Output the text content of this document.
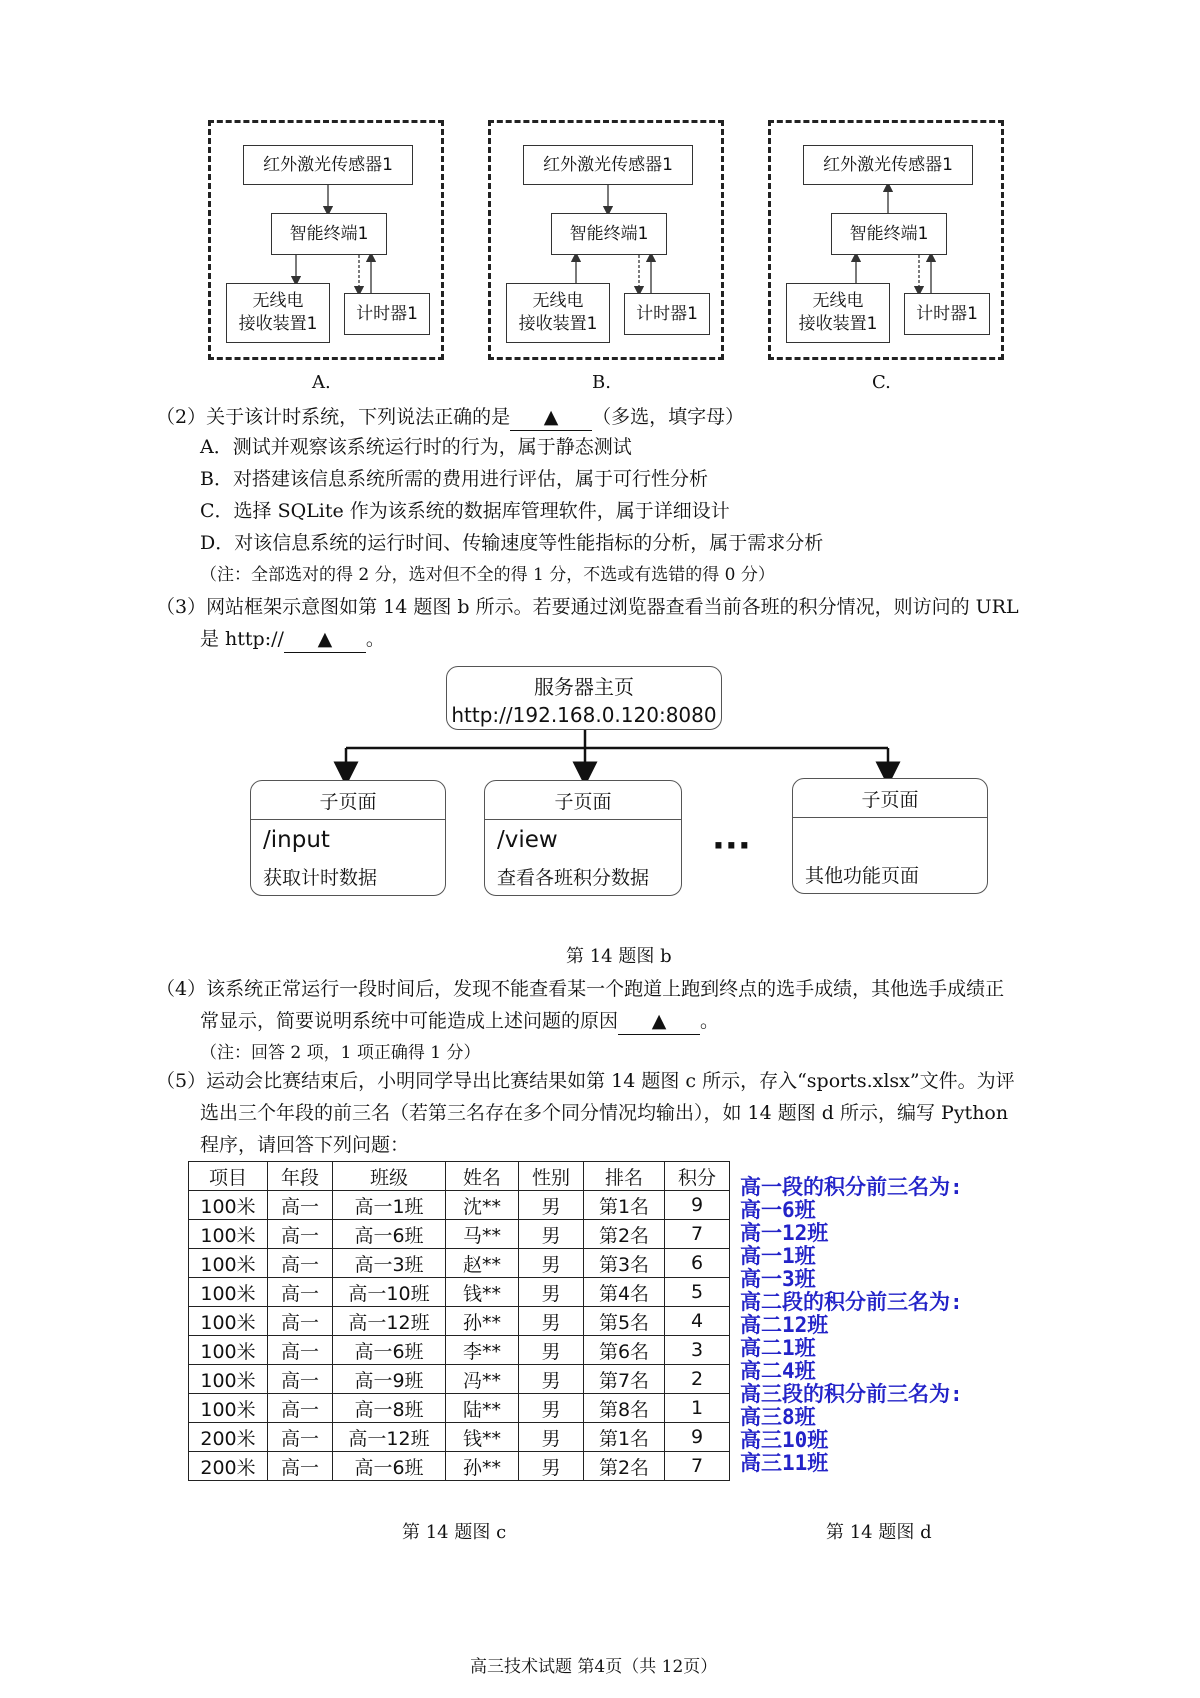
红外激光传感器1
智能终端1
无线电
接收装置1
计时器1
A.
红外激光传感器1
智能终端1
无线电
接收装置1
计时器1
B.
红外激光传感器1
智能终端1
无线电
接收装置1
计时器1
C.
（2）关于该计时系统，下列说法正确的是 ▲ （多选，填字母）
A．测试并观察该系统运行时的行为，属于静态测试
B．对搭建该信息系统所需的费用进行评估，属于可行性分析
C．选择 SQLite 作为该系统的数据库管理软件，属于详细设计
D．对该信息系统的运行时间、传输速度等性能指标的分析，属于需求分析
（注：全部选对的得 2 分，选对但不全的得 1 分，不选或有选错的得 0 分）
（3）网站框架示意图如第 14 题图 b 所示。若要通过浏览器查看当前各班的积分情况，则访问的 URL
是 http:// ▲ 。
服务器主页
http://192.168.0.120:8080
子页面
/input
获取计时数据
子页面
/view
查看各班积分数据
···
子页面
其他功能页面
第 14 题图 b
（4）该系统正常运行一段时间后，发现不能查看某一个跑道上跑到终点的选手成绩，其他选手成绩正
常显示，简要说明系统中可能造成上述问题的原因 ▲ 。
（注：回答 2 项，1 项正确得 1 分）
（5）运动会比赛结束后，小明同学导出比赛结果如第 14 题图 c 所示，存入“sports.xlsx”文件。为评
选出三个年段的前三名（若第三名存在多个同分情况均输出），如 14 题图 d 所示，编写 Python
程序，请回答下列问题：
项目	年段	班级	姓名	性别	排名	积分
100米	高一	高一1班	沈**	男	第1名	9
100米	高一	高一6班	马**	男	第2名	7
100米	高一	高一3班	赵**	男	第3名	6
100米	高一	高一10班	钱**	男	第4名	5
100米	高一	高一12班	孙**	男	第5名	4
100米	高一	高一6班	李**	男	第6名	3
100米	高一	高一9班	冯**	男	第7名	2
100米	高一	高一8班	陆**	男	第8名	1
200米	高一	高一12班	钱**	男	第1名	9
200米	高一	高一6班	孙**	男	第2名	7
第 14 题图 c
高一段的积分前三名为:
高一6班
高一12班
高一1班
高一3班
高二段的积分前三名为:
高二12班
高二1班
高二4班
高三段的积分前三名为:
高三8班
高三10班
高三11班
第 14 题图 d
高三技术试题 第4页（共 12页）
